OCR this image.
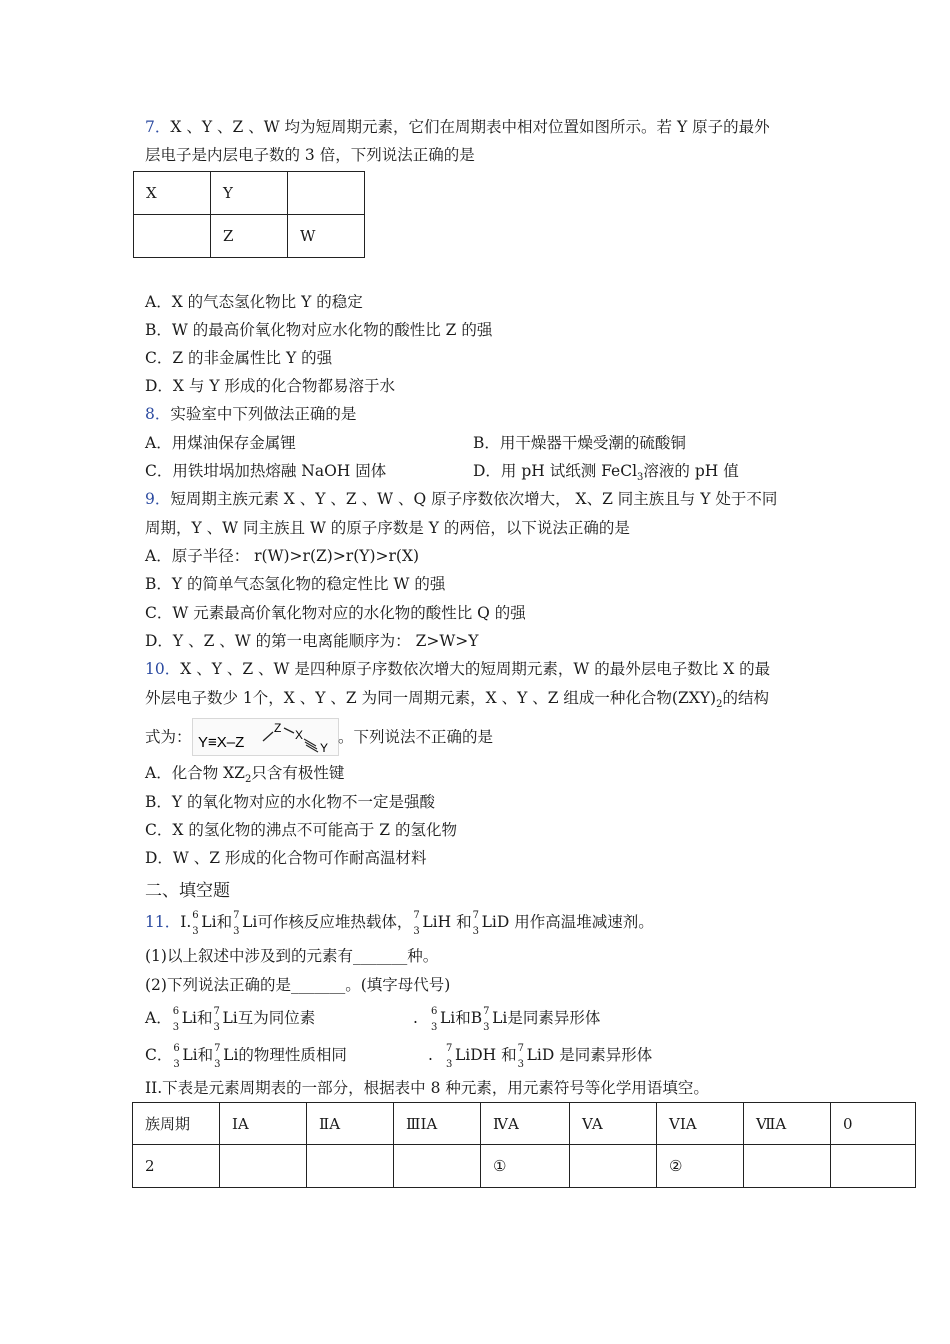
7．X 、Y 、Z 、W 均为短周期元素，它们在周期表中相对位置如图所示。若 Y 原子的最外
层电子是内层电子数的 3 倍，下列说法正确的是
X	Y	
	Z	W
A．X 的气态氢化物比 Y 的稳定
B．W 的最高价氧化物对应水化物的酸性比 Z 的强
C．Z 的非金属性比 Y 的强
D．X 与 Y 形成的化合物都易溶于水
8．实验室中下列做法正确的是
A．用煤油保存金属锂	B．用干燥器干燥受潮的硫酸铜
C．用铁坩埚加热熔融 NaOH 固体	D．用 pH 试纸测 FeCl$_3$溶液的 pH 值
9．短周期主族元素 X 、Y 、Z 、W 、Q 原子序数依次增大， X、Z 同主族且与 Y 处于不同
周期，Y 、W 同主族且 W 的原子序数是 Y 的两倍，以下说法正确的是
A．原子半径： r(W)>r(Z)>r(Y)>r(X)
B．Y 的简单气态氢化物的稳定性比 W 的强
C．W 元素最高价氧化物对应的水化物的酸性比 Q 的强
D．Y 、Z 、W 的第一电离能顺序为： Z>W>Y
10．X 、Y 、Z 、W 是四种原子序数依次增大的短周期元素，W 的最外层电子数比 X 的最
外层电子数少 1个，X 、Y 、Z 为同一周期元素，X 、Y 、Z 组成一种化合物$(ZXY)_2$的结构
式为： Y≡X–Z
Z X
Y
。下列说法不正确的是
A．化合物 $XZ_2$只含有极性键
B．Y 的氧化物对应的水化物不一定是强酸
C．X 的氢化物的沸点不可能高于 Z 的氢化物
D．W 、Z 形成的化合物可作耐高温材料
二、填空题
11．I. 6
3
Li和 7
3
Li可作核反应堆热载体， 7
3
LiH 和 7
3
LiD 用作高温堆减速剂。
(1)以上叙述中涉及到的元素有_______种。
(2)下列说法正确的是_______。(填字母代号)
A． 6
3
Li和 7
3
Li互为同位素	. 6
3
Li和B 7
3
Li是同素异形体
C． 6
3
Li和 7
3
Li的物理性质相同	. 7
3
LiDH 和 7
3
LiD 是同素异形体
II.下表是元素周期表的一部分，根据表中 8 种元素，用元素符号等化学用语填空。
族周期	IA	ⅡA	ⅢIA	ⅣA	VA	VIA	ⅦA	0
2				①		②		
